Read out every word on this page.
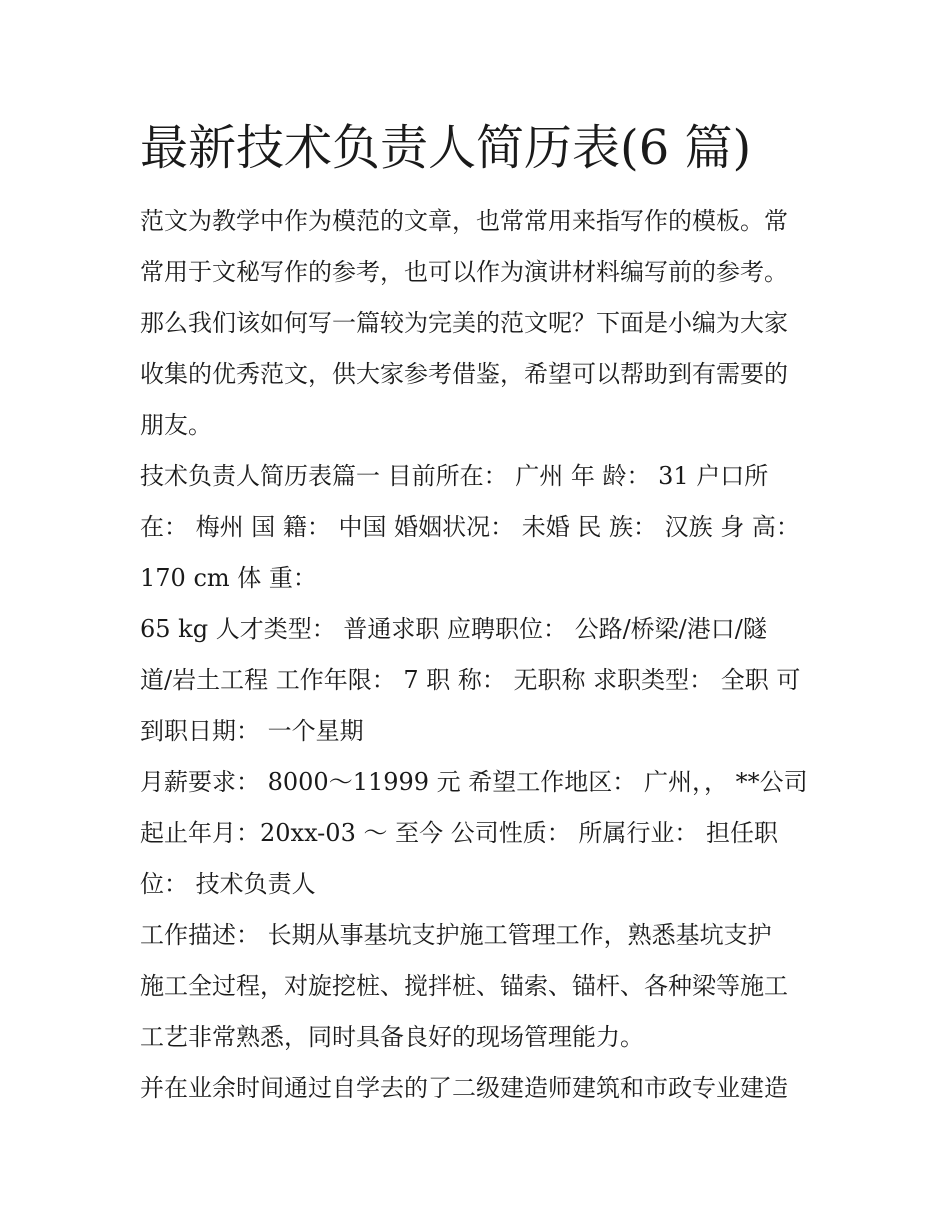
最新技术负责人简历表(6 篇)
范文为教学中作为模范的文章，也常常用来指写作的模板。常
常用于文秘写作的参考，也可以作为演讲材料编写前的参考。
那么我们该如何写一篇较为完美的范文呢？下面是小编为大家
收集的优秀范文，供大家参考借鉴，希望可以帮助到有需要的
朋友。
技术负责人简历表篇一 目前所在： 广州 年 龄： 31 户口所
在： 梅州 国 籍： 中国 婚姻状况： 未婚 民 族： 汉族 身 高：
170 cm 体 重：
65 kg 人才类型： 普通求职 应聘职位： 公路/桥梁/港口/隧
道/岩土工程 工作年限： 7 职 称： 无职称 求职类型： 全职 可
到职日期： 一个星期
月薪要求： 8000～11999 元 希望工作地区： 广州，， **公司
起止年月：20xx-03 ～ 至今 公司性质： 所属行业： 担任职
位： 技术负责人
工作描述： 长期从事基坑支护施工管理工作，熟悉基坑支护
施工全过程，对旋挖桩、搅拌桩、锚索、锚杆、各种梁等施工
工艺非常熟悉，同时具备良好的现场管理能力。
并在业余时间通过自学去的了二级建造师建筑和市政专业建造
